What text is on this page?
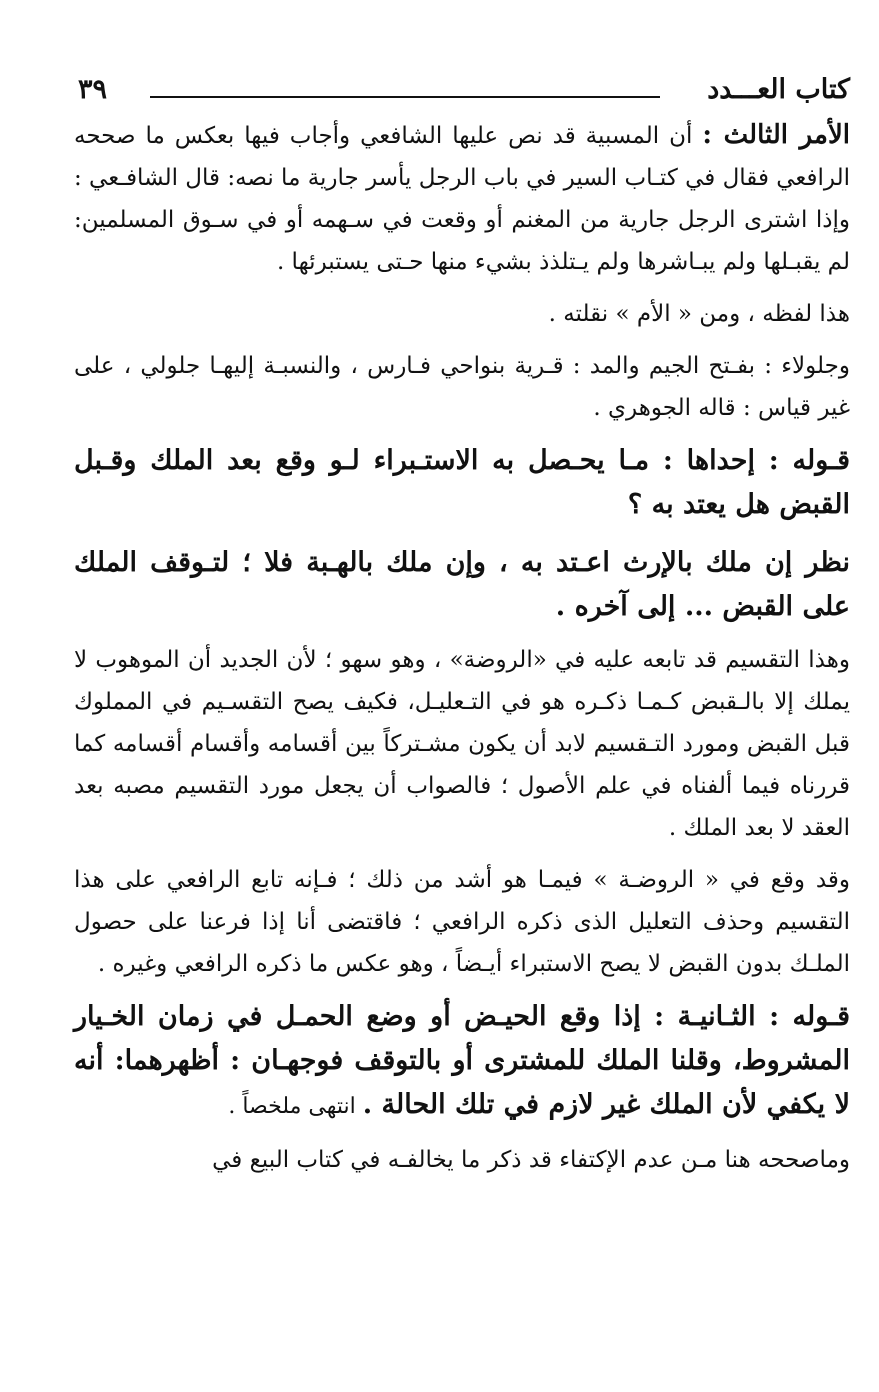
كتاب العـــدد
٣٩

الأمر الثالث : أن المسبية قد نص عليها الشافعي وأجاب فيها بعكس ما صححه الرافعي فقال في كتـاب السير في باب الرجل يأسر جارية ما نصه: قال الشافـعي : وإذا اشترى الرجل جارية من المغنم أو وقعت في سـهمه أو في سـوق المسلمين: لم يقبـلها ولم يبـاشرها ولم يـتلذذ بشيء منها حـتى يستبرئها .

هذا لفظه ، ومن « الأم » نقلته .

وجلولاء : بفـتح الجيم والمد : قـرية بنواحي فـارس ، والنسبـة إليهـا جلولي ، على غير قياس : قاله الجوهري .

قـوله : إحداها : مـا يحـصل به الاستـبراء لـو وقع بعد الملك وقـبل القبض هل يعتد به ؟

نظر إن ملك بالإرث اعـتد به ، وإن ملك بالهـبة فلا ؛ لتـوقف الملك على القبض ... إلى آخره .

وهذا التقسيم قد تابعه عليه في «الروضة» ، وهو سهو ؛ لأن الجديد أن الموهوب لا يملك إلا بالـقبض كـمـا ذكـره هو في التـعليـل، فكيف يصح التقسـيم في المملوك قبل القبض ومورد التـقسيم لابد أن يكون مشـتركاً بين أقسامه وأقسام أقسامه كما قررناه فيما ألفناه في علم الأصول ؛ فالصواب أن يجعل مورد التقسيم مصبه بعد العقد لا بعد الملك .

وقد وقع في « الروضـة » فيمـا هو أشد من ذلك ؛ فـإنه تابع الرافعي على هذا التقسيم وحذف التعليل الذى ذكره الرافعي ؛ فاقتضى أنا إذا فرعنا على حصول الملـك بدون القبض لا يصح الاستبراء أيـضاً ، وهو عكس ما ذكره الرافعي وغيره .

قـوله : الثـانيـة : إذا وقع الحيـض أو وضع الحمـل في زمان الخـيار المشروط، وقلنا الملك للمشترى أو بالتوقف فوجهـان : أظهرهما: أنه لا يكفي لأن الملك غير لازم في تلك الحالة . انتهى ملخصاً .

وماصححه هنا مـن عدم الإكتفاء قد ذكر ما يخالفـه في كتاب البيع في
